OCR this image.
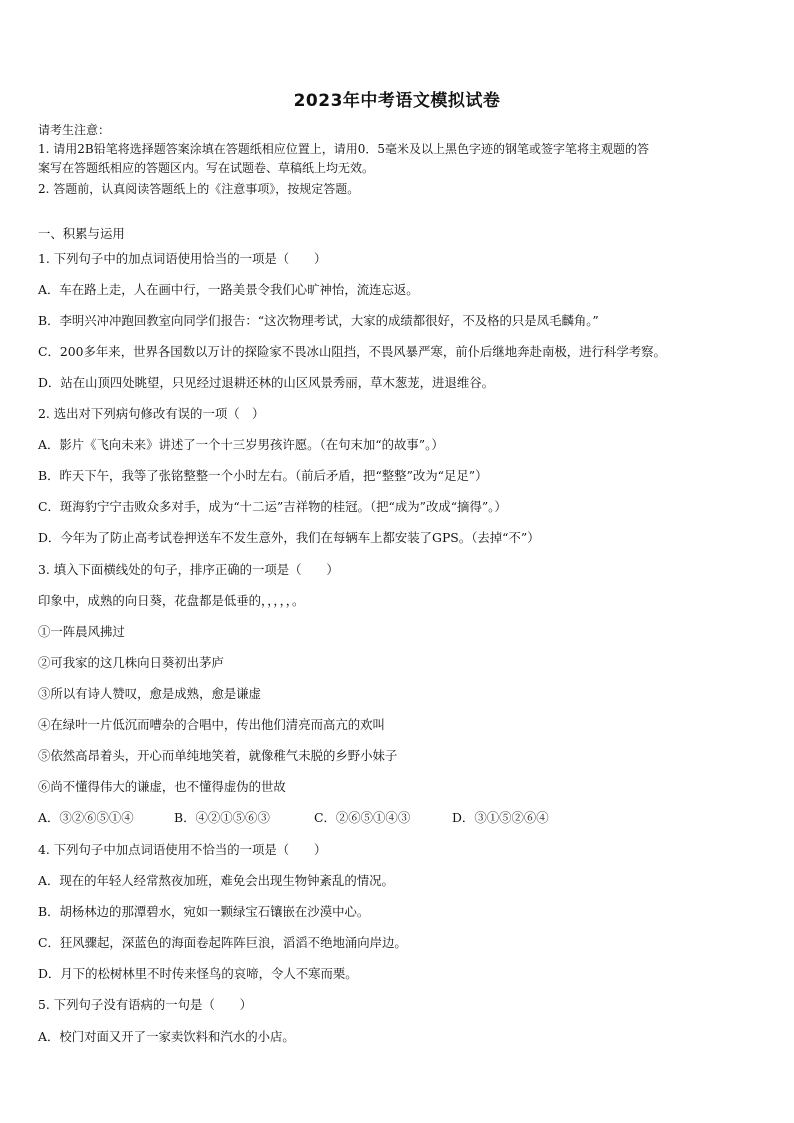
2023年中考语文模拟试卷
请考生注意：
1. 请用2B铅笔将选择题答案涂填在答题纸相应位置上，请用0．5毫米及以上黑色字迹的钢笔或签字笔将主观题的答
案写在答题纸相应的答题区内。写在试题卷、草稿纸上均无效。
2. 答题前，认真阅读答题纸上的《注意事项》，按规定答题。
一、积累与运用
1. 下列句子中的加点词语使用恰当的一项是（　　）
A．车在路上走，人在画中行，一路美景令我们心旷神怡，流连忘返。
B．李明兴冲冲跑回教室向同学们报告：“这次物理考试，大家的成绩都很好，不及格的只是凤毛麟角。”
C．200多年来，世界各国数以万计的探险家不畏冰山阻挡，不畏风暴严寒，前仆后继地奔赴南极，进行科学考察。
D．站在山顶四处眺望，只见经过退耕还林的山区风景秀丽，草木葱茏，进退维谷。
2. 选出对下列病句修改有误的一项（　）
A．影片《飞向未来》讲述了一个十三岁男孩许愿。（在句末加“的故事”。）
B．昨天下午，我等了张铭整整一个小时左右。（前后矛盾，把“整整”改为“足足”）
C．斑海豹宁宁击败众多对手，成为“十二运”吉祥物的桂冠。（把“成为”改成“摘得”。）
D．今年为了防止高考试卷押送车不发生意外，我们在每辆车上都安装了GPS。（去掉“不”）
3. 填入下面横线处的句子，排序正确的一项是（　　）
印象中，成熟的向日葵，花盘都是低垂的，，，，，。
①一阵晨风拂过
②可我家的这几株向日葵初出茅庐
③所以有诗人赞叹，愈是成熟，愈是谦虚
④在绿叶一片低沉而嘈杂的合唱中，传出他们清亮而高亢的欢叫
⑤依然高昂着头，开心而单纯地笑着，就像稚气未脱的乡野小妹子
⑥尚不懂得伟大的谦虚，也不懂得虚伪的世故
A．③②⑥⑤①④	B．④②①⑤⑥③	C．②⑥⑤①④③	D．③①⑤②⑥④
4. 下列句子中加点词语使用不恰当的一项是（　　）
A．现在的年轻人经常熬夜加班，难免会出现生物钟紊乱的情况。
B．胡杨林边的那潭碧水，宛如一颗绿宝石镶嵌在沙漠中心。
C．狂风骤起，深蓝色的海面卷起阵阵巨浪，滔滔不绝地涌向岸边。
D．月下的松树林里不时传来怪鸟的哀啼，令人不寒而栗。
5. 下列句子没有语病的一句是（　　）
A．校门对面又开了一家卖饮料和汽水的小店。
